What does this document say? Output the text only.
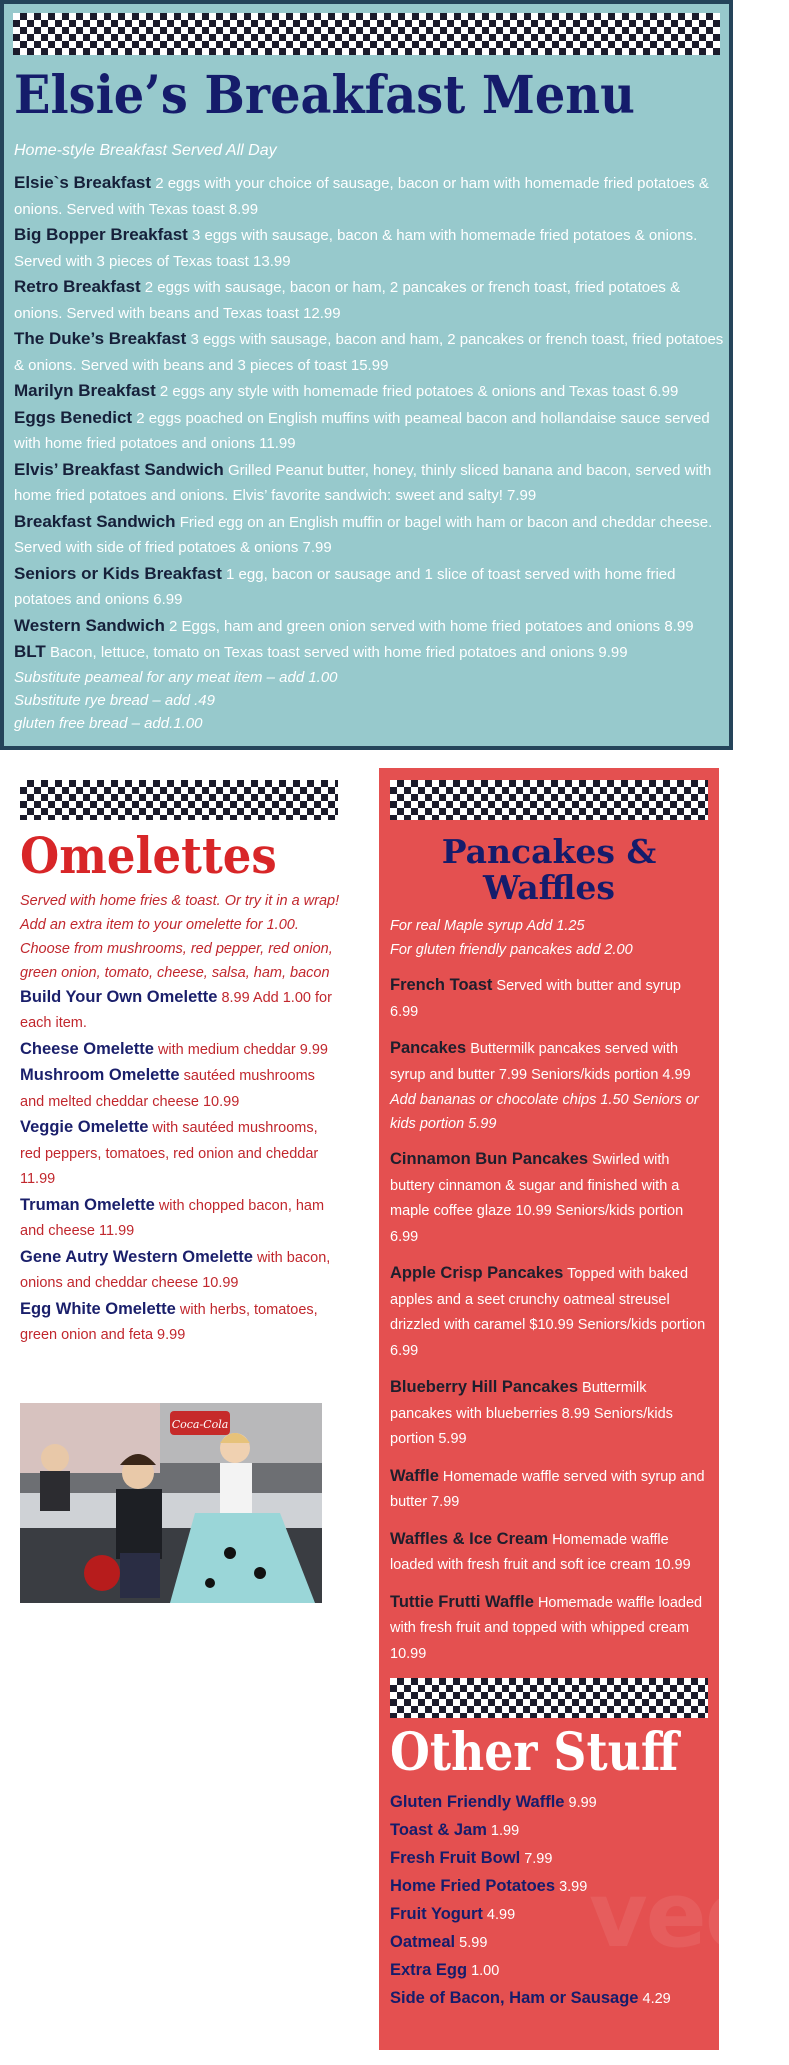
Elsie’s Breakfast Menu
Home-style Breakfast Served All Day

Elsie`s Breakfast 2 eggs with your choice of sausage, bacon or ham with homemade fried potatoes & onions. Served with Texas toast 8.99

Big Bopper Breakfast 3 eggs with sausage, bacon & ham with homemade fried potatoes & onions. Served with 3 pieces of Texas toast 13.99

Retro Breakfast 2 eggs with sausage, bacon or ham, 2 pancakes or french toast, fried potatoes & onions. Served with beans and Texas toast 12.99

The Duke’s Breakfast 3 eggs with sausage, bacon and ham, 2 pancakes or french toast, fried potatoes & onions. Served with beans and 3 pieces of toast 15.99

Marilyn Breakfast 2 eggs any style with homemade fried potatoes & onions and Texas toast 6.99

Eggs Benedict 2 eggs poached on English muffins with peameal bacon and hollandaise sauce served with home fried potatoes and onions 11.99

Elvis’ Breakfast Sandwich Grilled Peanut butter, honey, thinly sliced banana and bacon, served with home fried potatoes and onions. Elvis’ favorite sandwich: sweet and salty! 7.99

Breakfast Sandwich Fried egg on an English muffin or bagel with ham or bacon and cheddar cheese. Served with side of fried potatoes & onions 7.99

Seniors or Kids Breakfast 1 egg, bacon or sausage and 1 slice of toast served with home fried potatoes and onions 6.99

Western Sandwich 2 Eggs, ham and green onion served with home fried potatoes and onions 8.99

BLT Bacon, lettuce, tomato on Texas toast served with home fried potatoes and onions 9.99

Substitute peameal for any meat item – add 1.00

Substitute rye bread – add .49

gluten free bread – add.1.00

Omelettes

Served with home fries & toast. Or try it in a wrap! Add an extra item to your omelette for 1.00. Choose from mushrooms, red pepper, red onion, green onion, tomato, cheese, salsa, ham, bacon

Build Your Own Omelette 8.99 Add 1.00 for each item.

Cheese Omelette with medium cheddar 9.99

Mushroom Omelette sautéed mushrooms and melted cheddar cheese 10.99

Veggie Omelette with sautéed mushrooms, red peppers, tomatoes, red onion and cheddar 11.99

Truman Omelette with chopped bacon, ham and cheese 11.99

Gene Autry Western Omelette with bacon, onions and cheddar cheese 10.99

Egg White Omelette with herbs, tomatoes, green onion and feta 9.99

Coca-Cola
Pancakes &
Waffles

For real Maple syrup Add 1.25

For gluten friendly pancakes add 2.00

French Toast Served with butter and syrup 6.99

Pancakes Buttermilk pancakes served with syrup and butter 7.99 Seniors/kids portion 4.99

Add bananas or chocolate chips 1.50 Seniors or kids portion 5.99

Cinnamon Bun Pancakes Swirled with buttery cinnamon & sugar and finished with a maple coffee glaze 10.99 Seniors/kids portion 6.99

Apple Crisp Pancakes Topped with baked apples and a seet crunchy oatmeal streusel drizzled with caramel $10.99 Seniors/kids portion 6.99

Blueberry Hill Pancakes Buttermilk pancakes with blueberries 8.99 Seniors/kids portion 5.99

Waffle Homemade waffle served with syrup and butter 7.99

Waffles & Ice Cream Homemade waffle loaded with fresh fruit and soft ice cream 10.99

Tuttie Frutti Waffle Homemade waffle loaded with fresh fruit and topped with whipped cream 10.99

Other Stuff

Gluten Friendly Waffle 9.99

Toast & Jam 1.99

Fresh Fruit Bowl 7.99

Home Fried Potatoes 3.99

Fruit Yogurt 4.99

Oatmeal 5.99

Extra Egg 1.00

Side of Bacon, Ham or Sausage 4.29

ved
